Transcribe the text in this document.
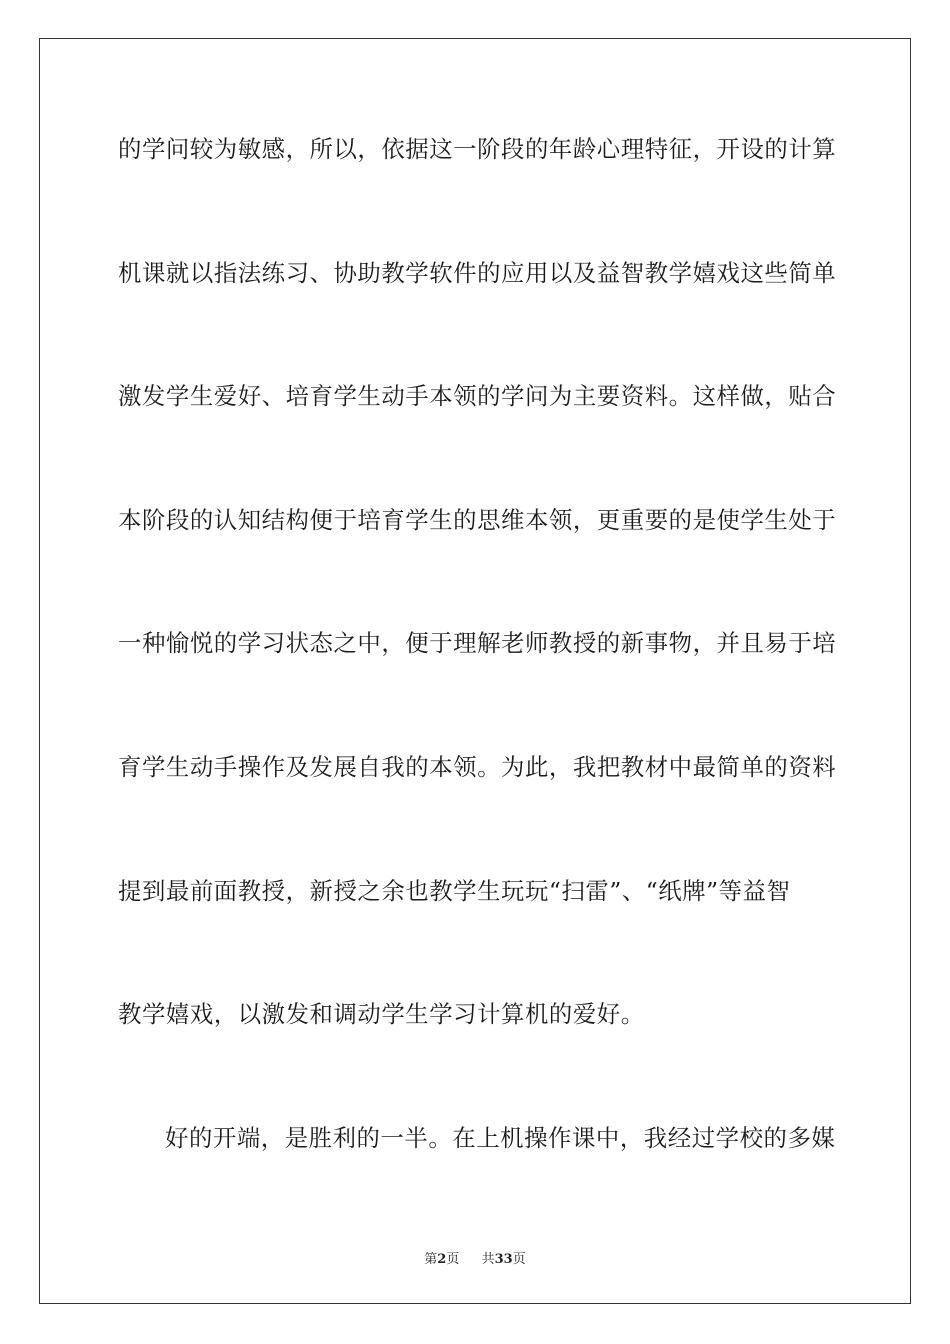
的学问较为敏感，所以，依据这一阶段的年龄心理特征，开设的计算
机课就以指法练习、协助教学软件的应用以及益智教学嬉戏这些简单
激发学生爱好、培育学生动手本领的学问为主要资料。这样做，贴合
本阶段的认知结构便于培育学生的思维本领，更重要的是使学生处于
一种愉悦的学习状态之中，便于理解老师教授的新事物，并且易于培
育学生动手操作及发展自我的本领。为此，我把教材中最简单的资料
提到最前面教授，新授之余也教学生玩玩“扫雷”、“纸牌”等益智
教学嬉戏，以激发和调动学生学习计算机的爱好。
好的开端，是胜利的一半。在上机操作课中，我经过学校的多媒
第2页 共33页
